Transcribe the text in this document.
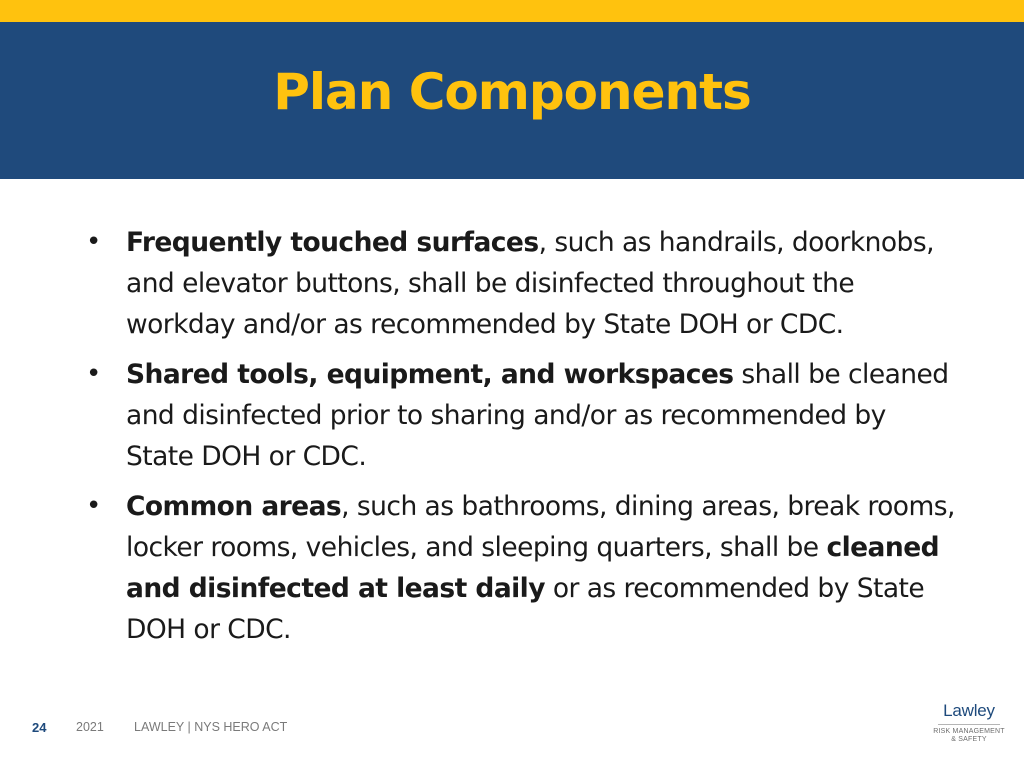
Plan Components
• Frequently touched surfaces, such as handrails, doorknobs, and elevator buttons, shall be disinfected throughout the workday and/or as recommended by State DOH or CDC.
• Shared tools, equipment, and workspaces shall be cleaned and disinfected prior to sharing and/or as recommended by State DOH or CDC.
• Common areas, such as bathrooms, dining areas, break rooms, locker rooms, vehicles, and sleeping quarters, shall be cleaned and disinfected at least daily or as recommended by State DOH or CDC.
24 2021 LAWLEY | NYS HERO ACT
Lawley
RISK MANAGEMENT
& SAFETY
